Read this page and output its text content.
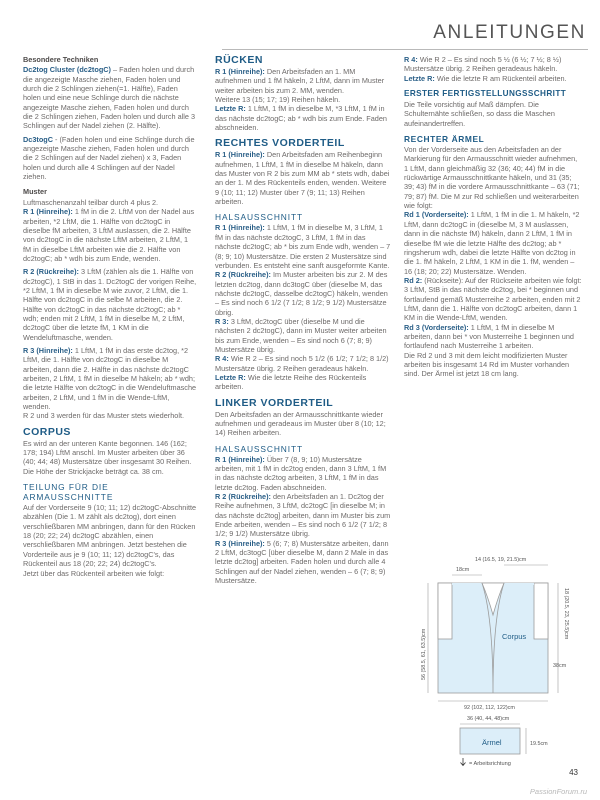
ANLEITUNGEN
Besondere Techniken

Dc2tog Cluster (dc2togC) – Faden holen und durch die angezeigte Masche ziehen, Faden holen und durch die 2 Schlingen ziehen(=1. Hälfte), Faden holen und eine neue Schlinge durch die nächste angezeigte Masche ziehen, Faden holen und durch die 2 Schlingen ziehen, Faden holen und durch alle 3 Schlingen auf der Nadel ziehen (2. Hälfte).

Dc3togC - (Faden holen und eine Schlinge durch die angezeigte Masche ziehen, Faden holen und durch die 2 Schlingen auf der Nadel ziehen) x 3, Faden holen und durch alle 4 Schlingen auf der Nadel ziehen.

Muster

Luftmaschenanzahl teilbar durch 4 plus 2.

R 1 (Hinreihe): 1 fM in die 2. LftM von der Nadel aus arbeiten, *2 LftM, die 1. Hälfte von dc2togC in dieselbe fM arbeiten, 3 LftM auslassen, die 2. Hälfte von dc2togC in die nächste LftM arbeiten, 2 LftM, 1 fM in dieselbe LftM arbeiten wie die 2. Hälfte von dc2togC; ab * wdh bis zum Ende, wenden.

R 2 (Rückreihe): 3 LftM (zählen als die 1. Hälfte von dc2togC), 1 StB in das 1. Dc2togC der vorigen Reihe, *2 LftM, 1 fM in dieselbe M wie zuvor, 2 LftM, die 1. Hälfte von dc2togC in die selbe M arbeiten, die 2. Hälfte von dc2togC in das nächste dc2togC; ab * wdh; enden mit 2 LftM, 1 fM in dieselbe M, 2 LftM, dc2togC über die letzte fM, 1 KM in die Wendeluftmasche, wenden.

R 3 (Hinreihe): 1 LftM, 1 fM in das erste dc2tog, *2 LftM, die 1. Hälfte von dc2togC in dieselbe M arbeiten, dann die 2. Hälfte in das nächste dc2togC arbeiten, 2 LftM, 1 fM in dieselbe M häkeln; ab * wdh; die letzte Hälfte von dc2togC in die Wendeluftmasche arbeiten, 2 LftM, und 1 fM in die Wende-LftM, wenden.

R 2 und 3 werden für das Muster stets wiederholt.

CORPUS

Es wird an der unteren Kante begonnen. 146 (162; 178; 194) LftM anschl. Im Muster arbeiten über 36 (40; 44; 48) Mustersätze über insgesamt 30 Reihen. Die Höhe der Strickjacke beträgt ca. 38 cm.

TEILUNG FÜR DIE ARMAUSSCHNITTE

Auf der Vorderseite 9 (10; 11; 12) dc2togC-Abschnitte abzählen (Die 1. M zählt als dc2tog), dort einen verschließbaren MM anbringen, dann für den Rücken 18 (20; 22; 24) dc2togC abzählen, einen verschließbaren MM anbringen. Jetzt bestehen die Vorderteile aus je 9 (10; 11; 12) dc2togC's, das Rückenteil aus 18 (20; 22; 24) dc2togC's.

Jetzt über das Rückenteil arbeiten wie folgt:

RÜCKEN

R 1 (Hinreihe): Den Arbeitsfaden an 1. MM aufnehmen und 1 fM häkeln, 2 LftM, dann im Muster weiter arbeiten bis zum 2. MM, wenden.

Weitere 13 (15; 17; 19) Reihen häkeln.

Letzte R: 1 LftM, 1 fM in dieselbe M, *3 LftM, 1 fM in das nächste dc2togC; ab * wdh bis zum Ende. Faden abschneiden.

RECHTES VORDERTEIL

R 1 (Hinreihe): Den Arbeitsfaden am Reihenbeginn aufnehmen, 1 LftM, 1 fM in dieselbe M häkeln, dann das Muster von R 2 bis zum MM ab * stets wdh, dabei an der 1. M des Rückenteils enden, wenden. Weitere 9 (10; 11; 12) Muster über 7 (9; 11; 13) Reihen arbeiten.

HALSAUSSCHNITT

R 1 (Hinreihe): 1 LftM, 1 fM in dieselbe M, 3 LftM, 1 fM in das nächste dc2togC, 3 LftM, 1 fM in das nächste dc2togC; ab * bis zum Ende wdh, wenden – 7 (8; 9; 10) Mustersätze. Die ersten 2 Mustersätze sind verbunden. Es entsteht eine sanft ausgeformte Kante.

R 2 (Rückreihe): Im Muster arbeiten bis zur 2. M des letzten dc2tog, dann dc3togC über (dieselbe M, das nächste dc2togC, dasselbe dc2togC) häkeln, wenden – Es sind noch 6 1/2 (7 1/2; 8 1/2; 9 1/2) Mustersätze übrig.

R 3: 3 LftM, dc2togC über (dieselbe M und die nächsten 2 dc2togC), dann im Muster weiter arbeiten bis zum Ende, wenden – Es sind noch 6 (7; 8; 9) Mustersätze übrig.

R 4: Wie R 2 – Es sind noch 5 1/2 (6 1/2; 7 1/2; 8 1/2) Mustersätze übrig. 2 Reihen geradeaus häkeln.

Letzte R: Wie die letzte Reihe des Rückenteils arbeiten.

LINKER VORDERTEIL

Den Arbeitsfaden an der Armausschnittkante wieder aufnehmen und geradeaus im Muster über 8 (10; 12; 14) Reihen arbeiten.

HALSAUSSCHNITT

R 1 (Hinreihe): Über 7 (8, 9; 10) Mustersätze arbeiten, mit 1 fM in dc2tog enden, dann 3 LftM, 1 fM in das nächste dc2tog arbeiten, 3 LftM, 1 fM in das letzte dc2tog. Faden abschneiden.

R 2 (Rückreihe): den Arbeitsfaden an 1. Dc2tog der Reihe aufnehmen, 3 LftM, dc2togC [in dieselbe M; in das nächste dc2tog] arbeiten, dann im Muster bis zum Ende arbeiten, wenden – Es sind noch 6 1/2 (7 1/2; 8 1/2; 9 1/2) Mustersätze übrig.

R 3 (Hinreihe): 5 (6; 7; 8) Mustersätze arbeiten, dann 2 LftM, dc3togC [über dieselbe M, dann 2 Male in das letzte dc2tog] arbeiten. Faden holen und durch alle 4 Schlingen auf der Nadel ziehen, wenden – 6 (7; 8; 9) Mustersätze.

R 4: Wie R 2 – Es sind noch 5 ½ (6 ½; 7 ½; 8 ½) Mustersätze übrig. 2 Reihen geradeaus häkeln.

Letzte R: Wie die letzte R am Rückenteil arbeiten.

ERSTER FERTIGSTELLUNGSSCHRITT

Die Teile vorsichtig auf Maß dämpfen. Die Schulternähte schließen, so dass die Maschen aufeinandertreffen.

RECHTER ÄRMEL

Von der Vorderseite aus den Arbeitsfaden an der Markierung für den Armausschnitt wieder aufnehmen, 1 LftM, dann gleichmäßig 32 (36; 40; 44) fM in die rückwärtige Armausschnittkante häkeln, und 31 (35; 39; 43) fM in die vordere Armausschnittkante – 63 (71; 79; 87) fM. Die M zur Rd schließen und weiterarbeiten wie folgt:

Rd 1 (Vorderseite): 1 LftM, 1 fM in die 1. M häkeln, *2 LftM, dann dc2togC in (dieselbe M, 3 M auslassen, dann in die nächste fM) häkeln, dann 2 LftM, 1 fM in dieselbe fM wie die letzte Hälfte des dc2tog; ab * ringsherum wdh, dabei die letzte Hälfte von dc2tog in die 1. fM häkeln, 2 LftM, 1 KM in die 1. fM, wenden – 16 (18; 20; 22) Mustersätze. Wenden.

Rd 2: (Rückseite): Auf der Rückseite arbeiten wie folgt: 3 LftM, StB in das nächste dc2tog, bei * beginnen und fortlaufend gemäß Musterreihe 2 arbeiten, enden mit 2 LftM, dann die 1. Hälfte von dc2togC arbeiten, dann 1 KM in die Wende-LftM, wenden.

Rd 3 (Vorderseite): 1 LftM, 1 fM in dieselbe M arbeiten, dann bei * von Musterreihe 1 beginnen und fortlaufend nach Musterreihe 1 arbeiten.

Die Rd 2 und 3 mit dem leicht modifizierten Muster arbeiten bis insgesamt 14 Rd im Muster vorhanden sind. Der Ärmel ist jetzt 18 cm lang.

14 (16.5, 19, 21.5)cm
18cm
56 (58.5, 61, 63.5)cm
18 (20.5, 23, 25.5)cm
38cm
Corpus
92 (102, 112, 122)cm
36 (40, 44, 48)cm
Ärmel	19.5cm
= Arbeitsrichtung
43
PassionForum.ru
